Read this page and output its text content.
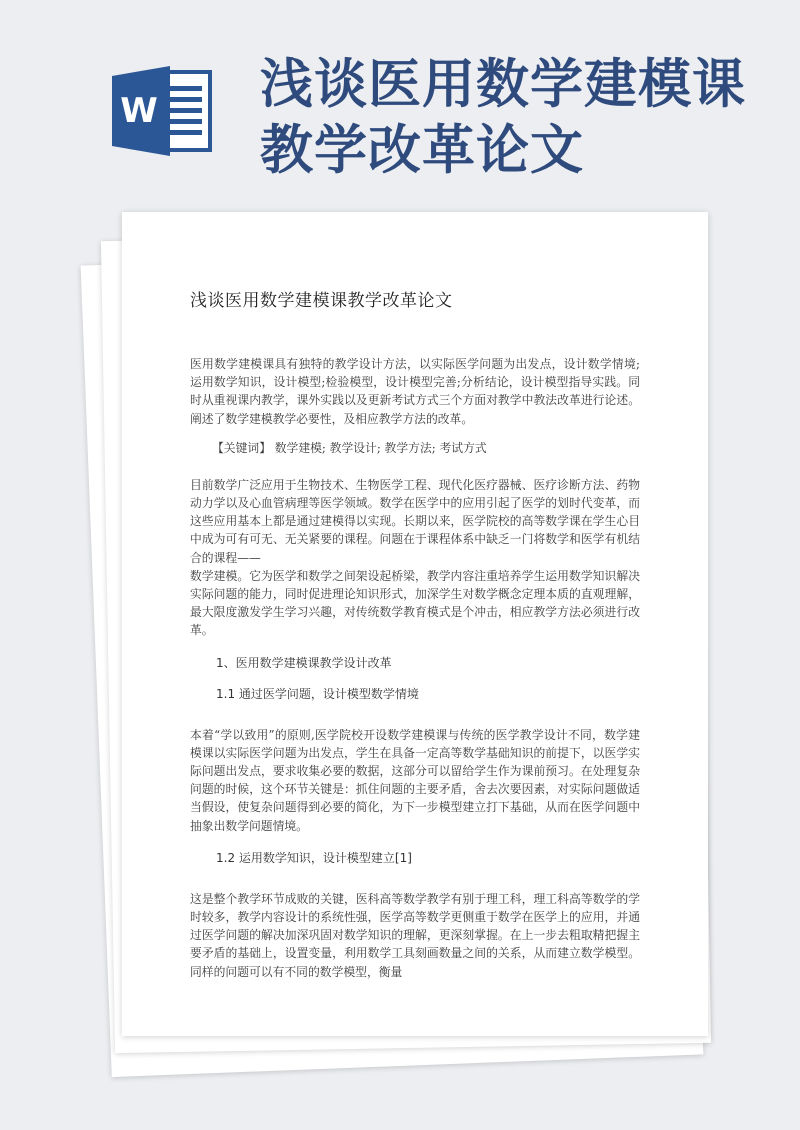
W 浅谈医用数学建模课教学改革论文
浅谈医用数学建模课教学改革论文

医用数学建模课具有独特的教学设计方法，以实际医学问题为出发点，设计数学情境;运用数学知识，设计模型;检验模型，设计模型完善;分析结论，设计模型指导实践。同时从重视课内教学，课外实践以及更新考试方式三个方面对教学中教法改革进行论述。阐述了数学建模教学必要性，及相应教学方法的改革。

【关键词】 数学建模; 教学设计; 教学方法; 考试方式

目前数学广泛应用于生物技术、生物医学工程、现代化医疗器械、医疗诊断方法、药物动力学以及心血管病理等医学领域。数学在医学中的应用引起了医学的划时代变革，而这些应用基本上都是通过建模得以实现。长期以来，医学院校的高等数学课在学生心目中成为可有可无、无关紧要的课程。问题在于课程体系中缺乏一门将数学和医学有机结合的课程——

数学建模。它为医学和数学之间架设起桥梁，教学内容注重培养学生运用数学知识解决实际问题的能力，同时促进理论知识形式，加深学生对数学概念定理本质的直观理解，最大限度激发学生学习兴趣，对传统数学教育模式是个冲击，相应教学方法必须进行改革。

1、医用数学建模课教学设计改革
1.1 通过医学问题，设计模型数学情境

本着“学以致用”的原则,医学院校开设数学建模课与传统的医学教学设计不同，数学建模课以实际医学问题为出发点，学生在具备一定高等数学基础知识的前提下，以医学实际问题出发点，要求收集必要的数据，这部分可以留给学生作为课前预习。在处理复杂问题的时候，这个环节关键是：抓住问题的主要矛盾，舍去次要因素，对实际问题做适当假设，使复杂问题得到必要的简化，为下一步模型建立打下基础，从而在医学问题中抽象出数学问题情境。

1.2 运用数学知识，设计模型建立[1]

这是整个教学环节成败的关键，医科高等数学教学有别于理工科，理工科高等数学的学时较多，教学内容设计的系统性强，医学高等数学更侧重于数学在医学上的应用，并通过医学问题的解决加深巩固对数学知识的理解，更深刻掌握。在上一步去粗取精把握主要矛盾的基础上，设置变量，利用数学工具刻画数量之间的关系，从而建立数学模型。同样的问题可以有不同的数学模型，衡量
